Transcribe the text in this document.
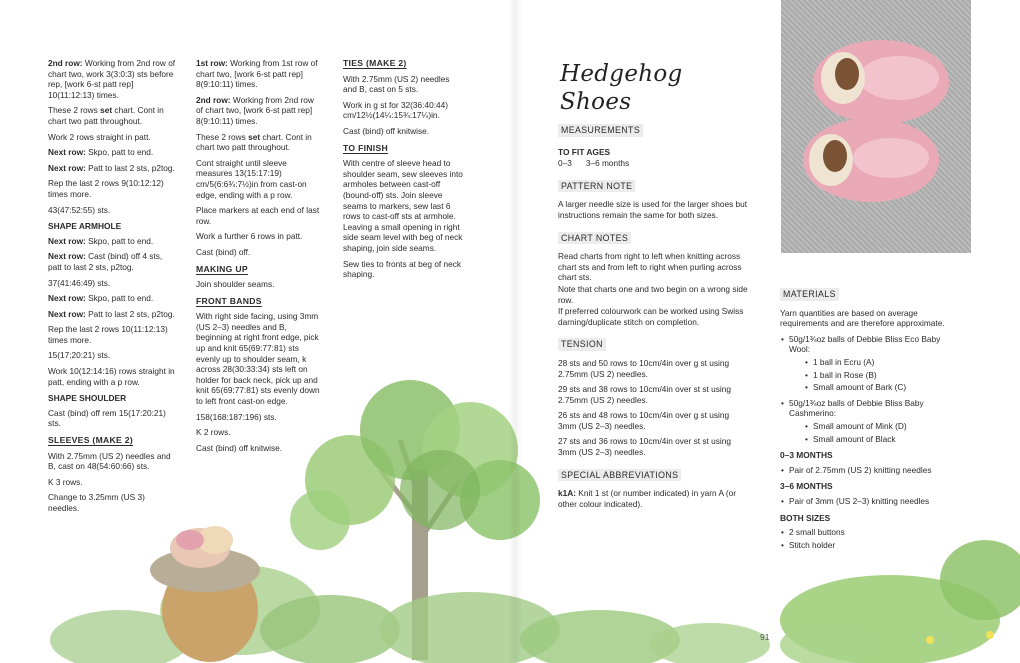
2nd row: Working from 2nd row of chart two, work 3(3:0:3) sts before rep, [work 6-st patt rep] 10(11:12:13) times.

These 2 rows set chart. Cont in chart two patt throughout.

Work 2 rows straight in patt.

Next row: Skpo, patt to end.

Next row: Patt to last 2 sts, p2tog.

Rep the last 2 rows 9(10:12:12) times more.

43(47:52:55) sts.

SHAPE ARMHOLE

Next row: Skpo, patt to end.

Next row: Cast (bind) off 4 sts, patt to last 2 sts, p2tog.

37(41:46:49) sts.

Next row: Skpo, patt to end.

Next row: Patt to last 2 sts, p2tog.

Rep the last 2 rows 10(11:12:13) times more.

15(17:20:21) sts.

Work 10(12:14:16) rows straight in patt, ending with a p row.

SHAPE SHOULDER

Cast (bind) off rem 15(17:20:21) sts.

SLEEVES (MAKE 2)

With 2.75mm (US 2) needles and B, cast on 48(54:60:66) sts.

K 3 rows.

Change to 3.25mm (US 3) needles.

1st row: Working from 1st row of chart two, [work 6-st patt rep] 8(9:10:11) times.

2nd row: Working from 2nd row of chart two, [work 6-st patt rep] 8(9:10:11) times.

These 2 rows set chart. Cont in chart two patt throughout.

Cont straight until sleeve measures 13(15:17:19) cm/5(6:6¾:7½)in from cast-on edge, ending with a p row.

Place markers at each end of last row.

Work a further 6 rows in patt.

Cast (bind) off.

MAKING UP

Join shoulder seams.

FRONT BANDS

With right side facing, using 3mm (US 2–3) needles and B, beginning at right front edge, pick up and knit 65(69:77:81) sts evenly up to shoulder seam, k across 28(30:33:34) sts left on holder for back neck, pick up and knit 65(69:77:81) sts evenly down to left front cast-on edge.

158(168:187:196) sts.

K 2 rows.

Cast (bind) off knitwise.

TIES (MAKE 2)

With 2.75mm (US 2) needles and B, cast on 5 sts.

Work in g st for 32(36:40:44) cm/12½(14¼:15¾:17¼)in.

Cast (bind) off knitwise.

TO FINISH

With centre of sleeve head to shoulder seam, sew sleeves into armholes between cast-off (bound-off) sts. Join sleeve seams to markers, sew last 6 rows to cast-off sts at armhole. Leaving a small opening in right side seam level with beg of neck shaping, join side seams.

Sew ties to fronts at beg of neck shaping.

Hedgehog Shoes
MEASUREMENTS
TO FIT AGES

0–3 3–6 months

PATTERN NOTE

A larger needle size is used for the larger shoes but instructions remain the same for both sizes.

CHART NOTES

Read charts from right to left when knitting across chart sts and from left to right when purling across chart sts.

Note that charts one and two begin on a wrong side row.

If preferred colourwork can be worked using Swiss darning/duplicate stitch on completion.

TENSION

28 sts and 50 rows to 10cm/4in over g st using 2.75mm (US 2) needles.

29 sts and 38 rows to 10cm/4in over st st using 2.75mm (US 2) needles.

26 sts and 48 rows to 10cm/4in over g st using 3mm (US 2–3) needles.

27 sts and 36 rows to 10cm/4in over st st using 3mm (US 2–3) needles.

SPECIAL ABBREVIATIONS

k1A: Knit 1 st (or number indicated) in yarn A (or other colour indicated).

MATERIALS

Yarn quantities are based on average requirements and are therefore approximate.

• 50g/1¾oz balls of Debbie Bliss Eco Baby Wool:
• 1 ball in Ecru (A)
• 1 ball in Rose (B)
• Small amount of Bark (C)
• 50g/1¾oz balls of Debbie Bliss Baby Cashmerino:
• Small amount of Mink (D)
• Small amount of Black
0–3 MONTHS
• Pair of 2.75mm (US 2) knitting needles
3–6 MONTHS
• Pair of 3mm (US 2–3) knitting needles
BOTH SIZES
• 2 small buttons
• Stitch holder
91
